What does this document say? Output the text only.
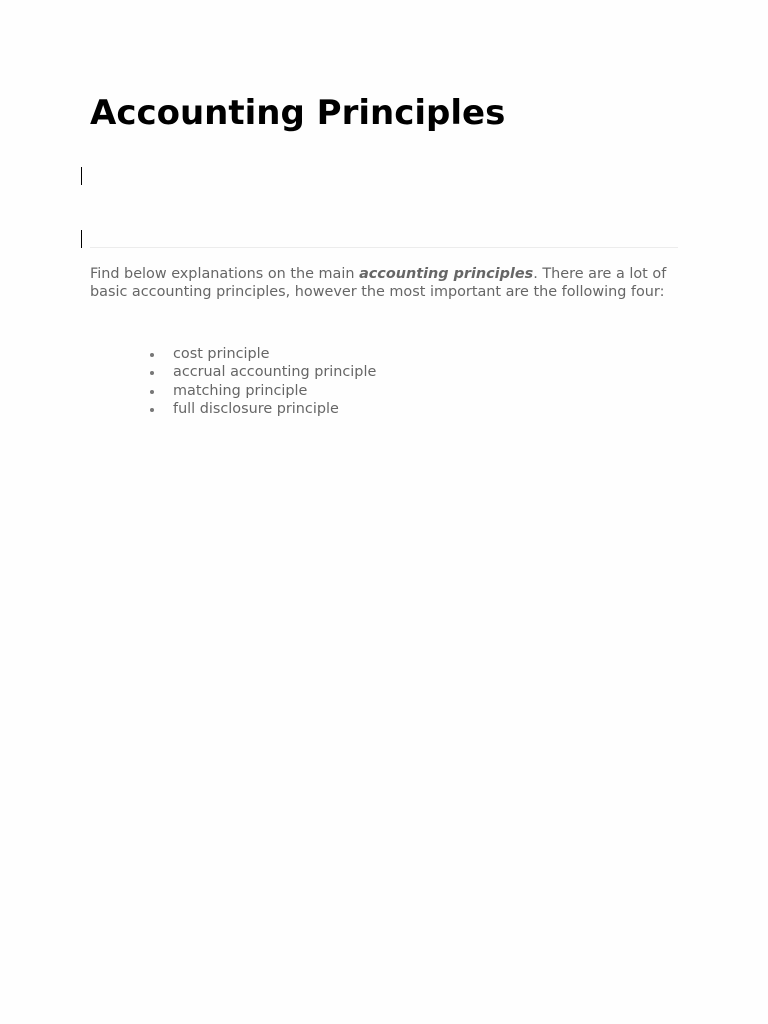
Accounting Principles

Find below explanations on the main accounting principles. There are a lot of basic accounting principles, however the most important are the following four:

cost principle
accrual accounting principle
matching principle
full disclosure principle
